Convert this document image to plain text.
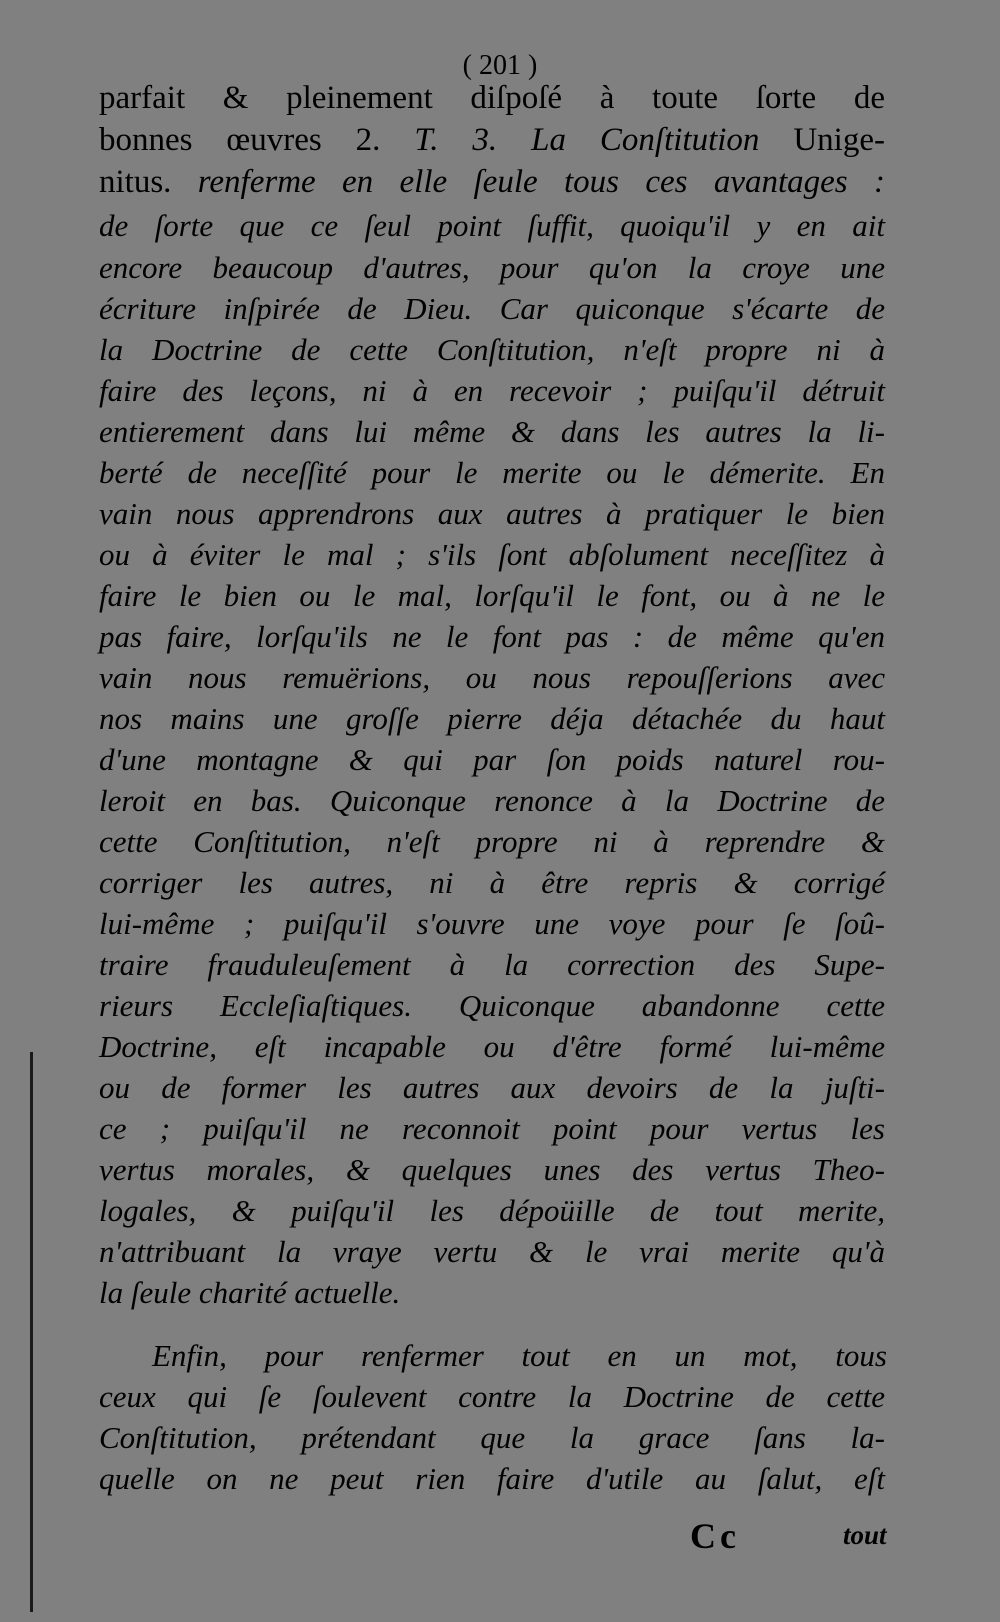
( 201 )
parfait & pleinement diſpoſé à toute ſorte de
bonnes œuvres 2. T. 3. La Conſtitution Unige-
nitus. renferme en elle ſeule tous ces avantages :
de ſorte que ce ſeul point ſuffit, quoiqu'il y en ait
encore beaucoup d'autres, pour qu'on la croye une
écriture inſpirée de Dieu. Car quiconque s'écarte de
la Doctrine de cette Conſtitution, n'eſt propre ni à
faire des leçons, ni à en recevoir ; puiſqu'il détruit
entierement dans lui même & dans les autres la li-
berté de neceſſité pour le merite ou le démerite. En
vain nous apprendrons aux autres à pratiquer le bien
ou à éviter le mal ; s'ils ſont abſolument neceſſitez à
faire le bien ou le mal, lorſqu'il le font, ou à ne le
pas faire, lorſqu'ils ne le font pas : de même qu'en
vain nous remuërions, ou nous repouſſerions avec
nos mains une groſſe pierre déja détachée du haut
d'une montagne & qui par ſon poids naturel rou-
leroit en bas. Quiconque renonce à la Doctrine de
cette Conſtitution, n'eſt propre ni à reprendre &
corriger les autres, ni à être repris & corrigé
lui-même ; puiſqu'il s'ouvre une voye pour ſe ſoû-
traire frauduleuſement à la correction des Supe-
rieurs Eccleſiaſtiques. Quiconque abandonne cette
Doctrine, eſt incapable ou d'être formé lui-même
ou de former les autres aux devoirs de la juſti-
ce ; puiſqu'il ne reconnoit point pour vertus les
vertus morales, & quelques unes des vertus Theo-
logales, & puiſqu'il les dépoüille de tout merite,
n'attribuant la vraye vertu & le vrai merite qu'à
la ſeule charité actuelle.
Enfin, pour renfermer tout en un mot, tous
ceux qui ſe ſoulevent contre la Doctrine de cette
Conſtitution, prétendant que la grace ſans la-
quelle on ne peut rien faire d'utile au ſalut, eſt
Cc	tout
